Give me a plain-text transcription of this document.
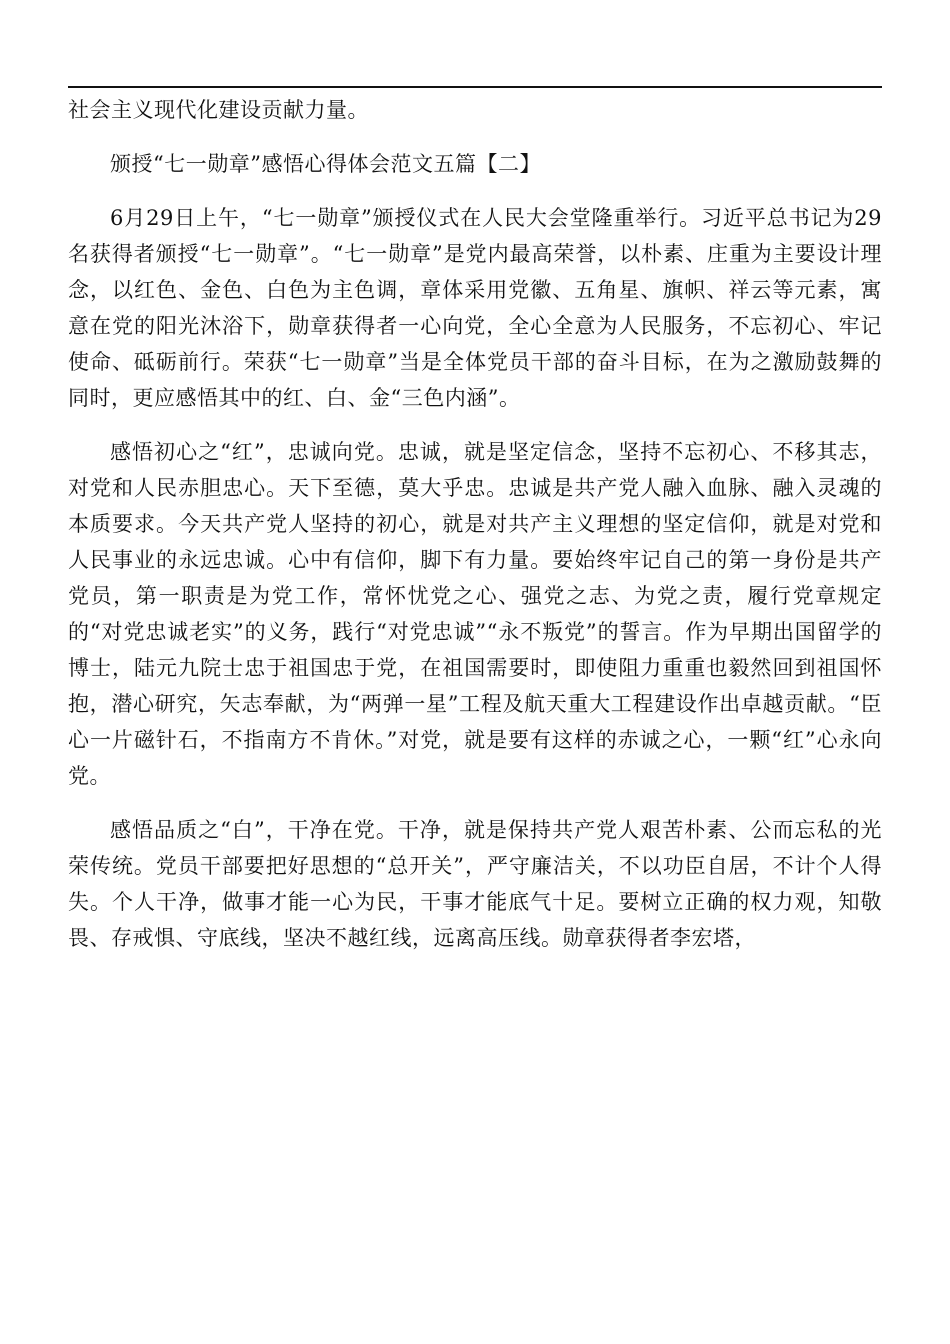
社会主义现代化建设贡献力量。

颁授“七一勋章”感悟心得体会范文五篇【二】

6月29日上午，“七一勋章”颁授仪式在人民大会堂隆重举行。习近平总书记为29名获得者颁授“七一勋章”。“七一勋章”是党内最高荣誉，以朴素、庄重为主要设计理念，以红色、金色、白色为主色调，章体采用党徽、五角星、旗帜、祥云等元素，寓意在党的阳光沐浴下，勋章获得者一心向党，全心全意为人民服务，不忘初心、牢记使命、砥砺前行。荣获“七一勋章”当是全体党员干部的奋斗目标，在为之激励鼓舞的同时，更应感悟其中的红、白、金“三色内涵”。

感悟初心之“红”，忠诚向党。忠诚，就是坚定信念，坚持不忘初心、不移其志，对党和人民赤胆忠心。天下至德，莫大乎忠。忠诚是共产党人融入血脉、融入灵魂的本质要求。今天共产党人坚持的初心，就是对共产主义理想的坚定信仰，就是对党和人民事业的永远忠诚。心中有信仰，脚下有力量。要始终牢记自己的第一身份是共产党员，第一职责是为党工作，常怀忧党之心、强党之志、为党之责，履行党章规定的“对党忠诚老实”的义务，践行“对党忠诚”“永不叛党”的誓言。作为早期出国留学的博士，陆元九院士忠于祖国忠于党，在祖国需要时，即使阻力重重也毅然回到祖国怀抱，潜心研究，矢志奉献，为“两弹一星”工程及航天重大工程建设作出卓越贡献。“臣心一片磁针石，不指南方不肯休。”对党，就是要有这样的赤诚之心，一颗“红”心永向党。

感悟品质之“白”，干净在党。干净，就是保持共产党人艰苦朴素、公而忘私的光荣传统。党员干部要把好思想的“总开关”，严守廉洁关，不以功臣自居，不计个人得失。个人干净，做事才能一心为民，干事才能底气十足。要树立正确的权力观，知敬畏、存戒惧、守底线，坚决不越红线，远离高压线。勋章获得者李宏塔，
